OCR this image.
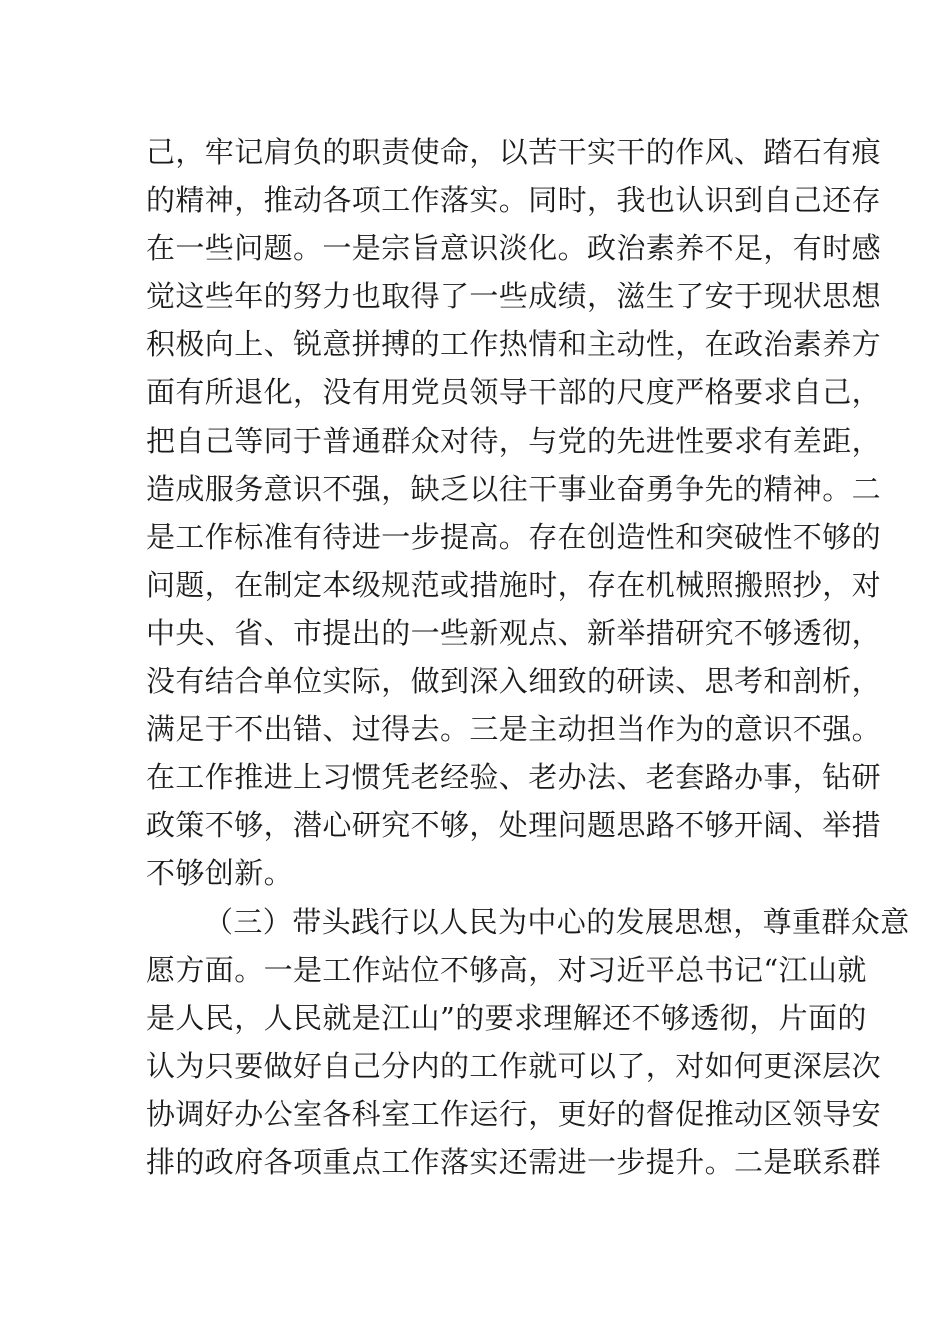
己，牢记肩负的职责使命，以苦干实干的作风、踏石有痕
的精神，推动各项工作落实。同时，我也认识到自己还存
在一些问题。一是宗旨意识淡化。政治素养不足，有时感
觉这些年的努力也取得了一些成绩，滋生了安于现状思想
积极向上、锐意拼搏的工作热情和主动性，在政治素养方
面有所退化，没有用党员领导干部的尺度严格要求自己，
把自己等同于普通群众对待，与党的先进性要求有差距，
造成服务意识不强，缺乏以往干事业奋勇争先的精神。二
是工作标准有待进一步提高。存在创造性和突破性不够的
问题，在制定本级规范或措施时，存在机械照搬照抄，对
中央、省、市提出的一些新观点、新举措研究不够透彻，
没有结合单位实际，做到深入细致的研读、思考和剖析，
满足于不出错、过得去。三是主动担当作为的意识不强。
在工作推进上习惯凭老经验、老办法、老套路办事，钻研
政策不够，潜心研究不够，处理问题思路不够开阔、举措
不够创新。
（三）带头践行以人民为中心的发展思想，尊重群众意
愿方面。一是工作站位不够高，对习近平总书记“江山就
是人民，人民就是江山”的要求理解还不够透彻，片面的
认为只要做好自己分内的工作就可以了，对如何更深层次
协调好办公室各科室工作运行，更好的督促推动区领导安
排的政府各项重点工作落实还需进一步提升。二是联系群
